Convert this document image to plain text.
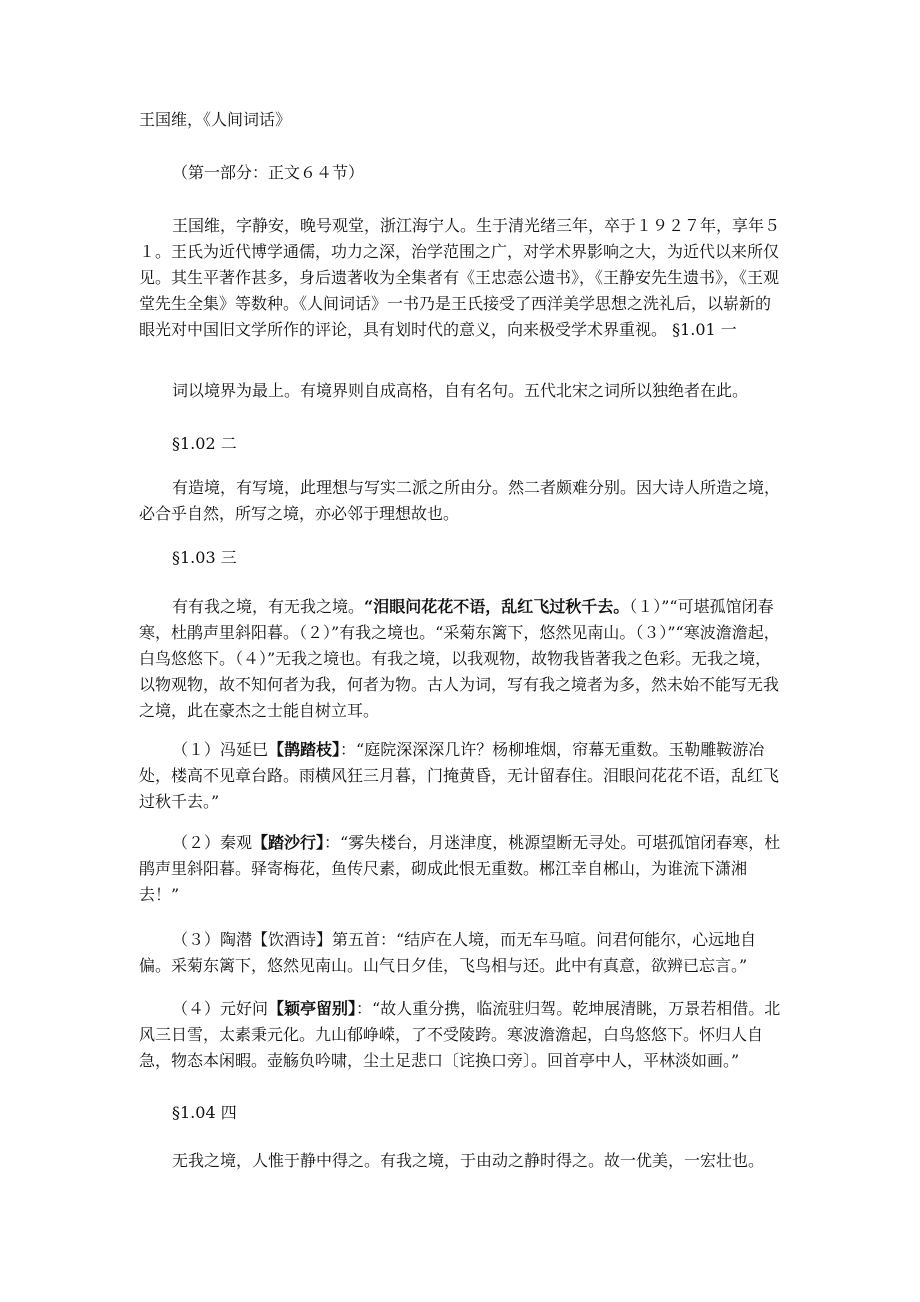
王国维，《人间词话》

（第一部分：正文６４节）

王国维，字静安，晚号观堂，浙江海宁人。生于清光绪三年，卒于１９２７年，享年５１。王氏为近代博学通儒，功力之深，治学范围之广，对学术界影响之大，为近代以来所仅见。其生平著作甚多，身后遗著收为全集者有《王忠悫公遗书》，《王静安先生遗书》，《王观堂先生全集》等数种。《人间词话》一书乃是王氏接受了西洋美学思想之洗礼后，以崭新的眼光对中国旧文学所作的评论，具有划时代的意义，向来极受学术界重视。 §1.01 一

词以境界为最上。有境界则自成高格，自有名句。五代北宋之词所以独绝者在此。

§1.02 二

有造境，有写境，此理想与写实二派之所由分。然二者颇难分别。因大诗人所造之境，必合乎自然，所写之境，亦必邻于理想故也。

§1.03 三

有有我之境，有无我之境。“泪眼问花花不语，乱红飞过秋千去。（１）”“可堪孤馆闭春寒，杜鹃声里斜阳暮。（２）”有我之境也。“采菊东篱下，悠然见南山。（３）”“寒波澹澹起，白鸟悠悠下。（４）”无我之境也。有我之境，以我观物，故物我皆著我之色彩。无我之境，以物观物，故不知何者为我，何者为物。古人为词，写有我之境者为多，然未始不能写无我之境，此在豪杰之士能自树立耳。

（１）冯延巳【鹊踏枝】：“庭院深深深几许？杨柳堆烟，帘幕无重数。玉勒雕鞍游冶处，楼高不见章台路。雨横风狂三月暮，门掩黄昏，无计留春住。泪眼问花花不语，乱红飞过秋千去。”

（２）秦观【踏沙行】：“雾失楼台，月迷津度，桃源望断无寻处。可堪孤馆闭春寒，杜鹃声里斜阳暮。驿寄梅花，鱼传尺素，砌成此恨无重数。郴江幸自郴山，为谁流下潇湘去！”

（３）陶潜【饮酒诗】第五首：“结庐在人境，而无车马喧。问君何能尔，心远地自偏。采菊东篱下，悠然见南山。山气日夕佳，飞鸟相与还。此中有真意，欲辨已忘言。”

（４）元好问【颖亭留别】：“故人重分携，临流驻归驾。乾坤展清眺，万景若相借。北风三日雪，太素秉元化。九山郁峥嵘，了不受陵跨。寒波澹澹起，白鸟悠悠下。怀归人自急，物态本闲暇。壶觞负吟啸，尘土足悲口〔诧换口旁〕。回首亭中人，平林淡如画。”

§1.04 四

无我之境，人惟于静中得之。有我之境，于由动之静时得之。故一优美，一宏壮也。
